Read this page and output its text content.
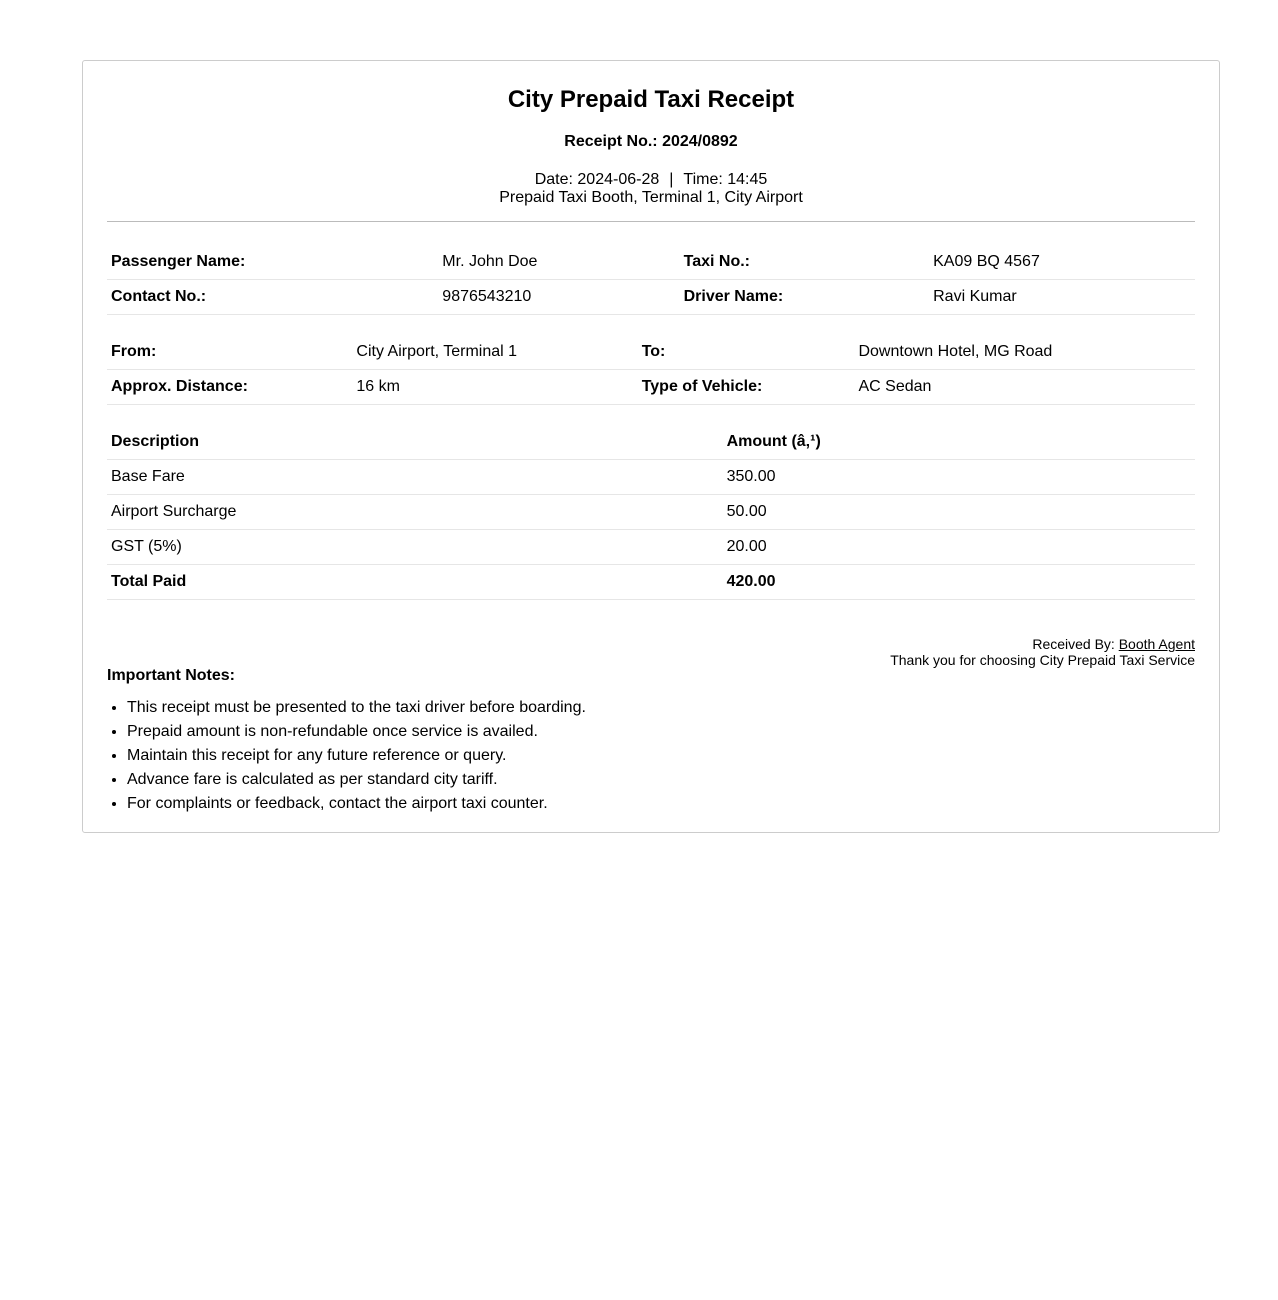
City Prepaid Taxi Receipt
Receipt No.: 2024/0892
Date: 2024-06-28 | Time: 14:45
Prepaid Taxi Booth, Terminal 1, City Airport
Passenger Name:	Mr. John Doe	Taxi No.:	KA09 BQ 4567
Contact No.:	9876543210	Driver Name:	Ravi Kumar
From:	City Airport, Terminal 1	To:	Downtown Hotel, MG Road
Approx. Distance:	16 km	Type of Vehicle:	AC Sedan
Description	Amount (â‚¹)
Base Fare	350.00
Airport Surcharge	50.00
GST (5%)	20.00
Total Paid	420.00
Received By: Booth Agent
Thank you for choosing City Prepaid Taxi Service
Important Notes:
• This receipt must be presented to the taxi driver before boarding.
• Prepaid amount is non-refundable once service is availed.
• Maintain this receipt for any future reference or query.
• Advance fare is calculated as per standard city tariff.
• For complaints or feedback, contact the airport taxi counter.
